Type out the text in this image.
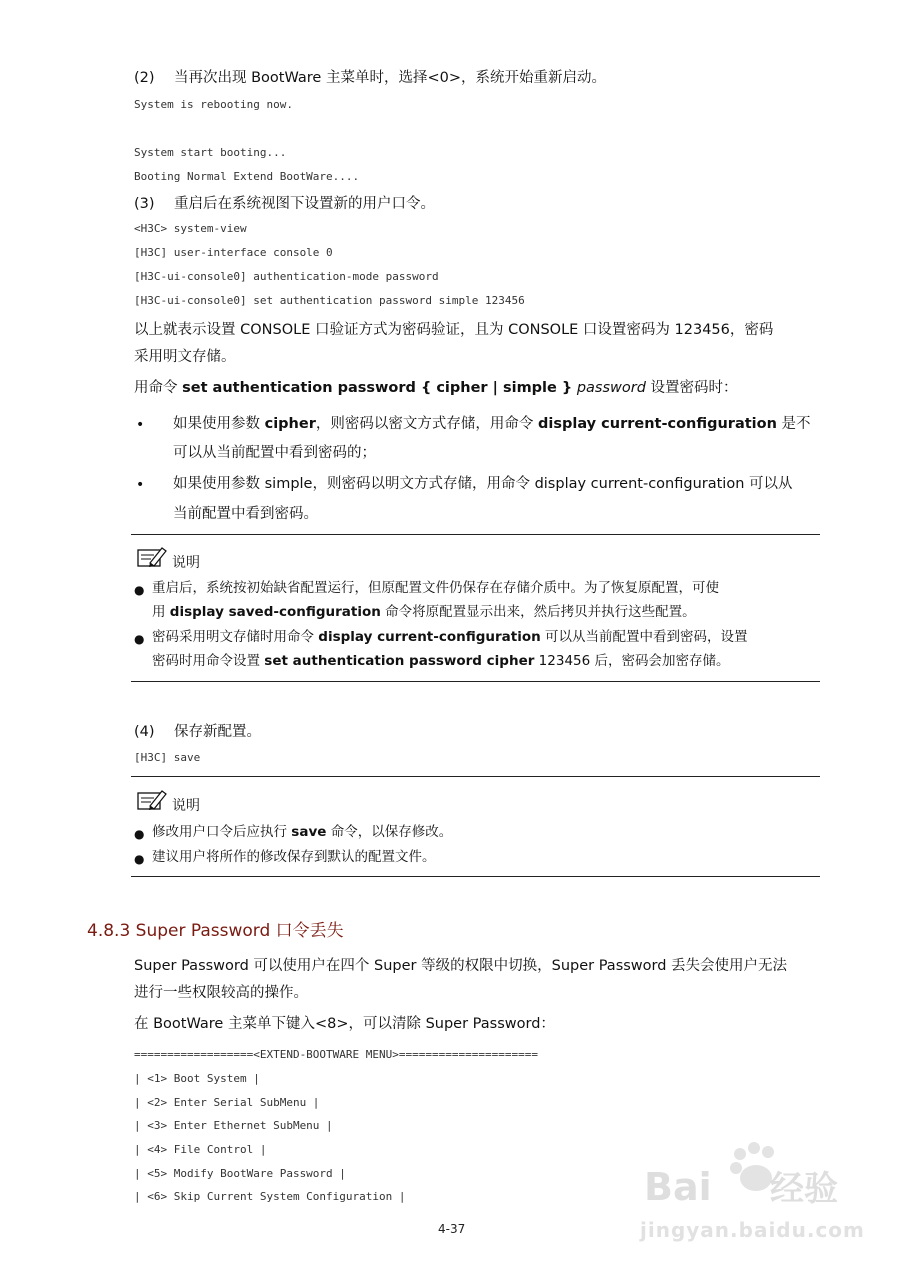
(2) 当再次出现 BootWare 主菜单时，选择<0>，系统开始重新启动。
System is rebooting now.
System start booting...
Booting Normal Extend BootWare....
(3) 重启后在系统视图下设置新的用户口令。
<H3C> system-view
[H3C] user-interface console 0
[H3C-ui-console0] authentication-mode password
[H3C-ui-console0] set authentication password simple 123456
以上就表示设置 CONSOLE 口验证方式为密码验证，且为 CONSOLE 口设置密码为 123456，密码
采用明文存储。
用命令 set authentication password { cipher | simple } password 设置密码时：
• 如果使用参数 cipher，则密码以密文方式存储，用命令 display current-configuration 是不
可以从当前配置中看到密码的；
• 如果使用参数 simple，则密码以明文方式存储，用命令 display current-configuration 可以从
当前配置中看到密码。
说明
● 重启后，系统按初始缺省配置运行，但原配置文件仍保存在存储介质中。为了恢复原配置，可使
用 display saved-configuration 命令将原配置显示出来，然后拷贝并执行这些配置。
● 密码采用明文存储时用命令 display current-configuration 可以从当前配置中看到密码，设置
密码时用命令设置 set authentication password cipher 123456 后，密码会加密存储。
(4) 保存新配置。
[H3C] save
说明
● 修改用户口令后应执行 save 命令，以保存修改。
● 建议用户将所作的修改保存到默认的配置文件。
4.8.3 Super Password 口令丢失
Super Password 可以使用户在四个 Super 等级的权限中切换，Super Password 丢失会使用户无法
进行一些权限较高的操作。
在 BootWare 主菜单下键入<8>，可以清除 Super Password：
==================<EXTEND-BOOTWARE MENU>=====================
| <1> Boot System |
| <2> Enter Serial SubMenu |
| <3> Enter Ethernet SubMenu |
| <4> File Control |
| <5> Modify BootWare Password |
| <6> Skip Current System Configuration |
4-37
Bai 经验
jingyan.baidu.com
